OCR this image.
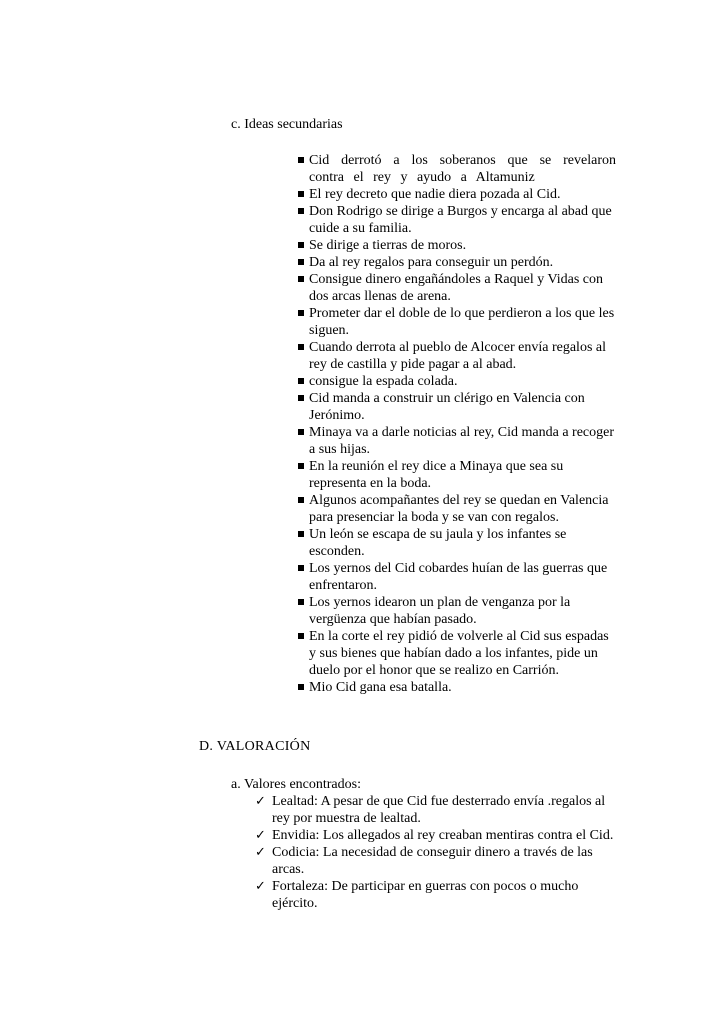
c. Ideas secundarias
Cid derrotó a los soberanos que se revelaron contra el rey y ayudo a Altamuniz
El rey decreto que nadie diera pozada al Cid.
Don Rodrigo se dirige a Burgos y encarga al abad que cuide a su familia.
Se dirige a tierras de moros.
Da al rey regalos para conseguir un perdón.
Consigue dinero engañándoles a Raquel y Vidas con dos arcas llenas de arena.
Prometer dar el doble de lo que perdieron a los que les siguen.
Cuando derrota al pueblo de Alcocer envía regalos al rey de castilla y pide pagar a al abad.
consigue la espada colada.
Cid manda a construir un clérigo en Valencia con Jerónimo.
Minaya va a darle noticias al rey, Cid manda a recoger a sus hijas.
En la reunión el rey dice a Minaya que sea su representa en la boda.
Algunos acompañantes del rey se quedan en Valencia para presenciar la boda y se van con regalos.
Un león se escapa de su jaula y los infantes se esconden.
Los yernos del Cid cobardes huían de las guerras que enfrentaron.
Los yernos idearon un plan de venganza por la vergüenza que habían pasado.
En la corte el rey pidió de volverle al Cid sus espadas y sus bienes que habían dado a los infantes, pide un duelo por el honor que se realizo en Carrión.
Mio Cid gana esa batalla.
D. VALORACIÓN
a. Valores encontrados:
✓ Lealtad: A pesar de que Cid fue desterrado envía .regalos al rey por muestra de lealtad.
✓ Envidia: Los allegados al rey creaban mentiras contra el Cid.
✓ Codicia: La necesidad de conseguir dinero a través de las arcas.
✓ Fortaleza: De participar en guerras con pocos o mucho ejército.
